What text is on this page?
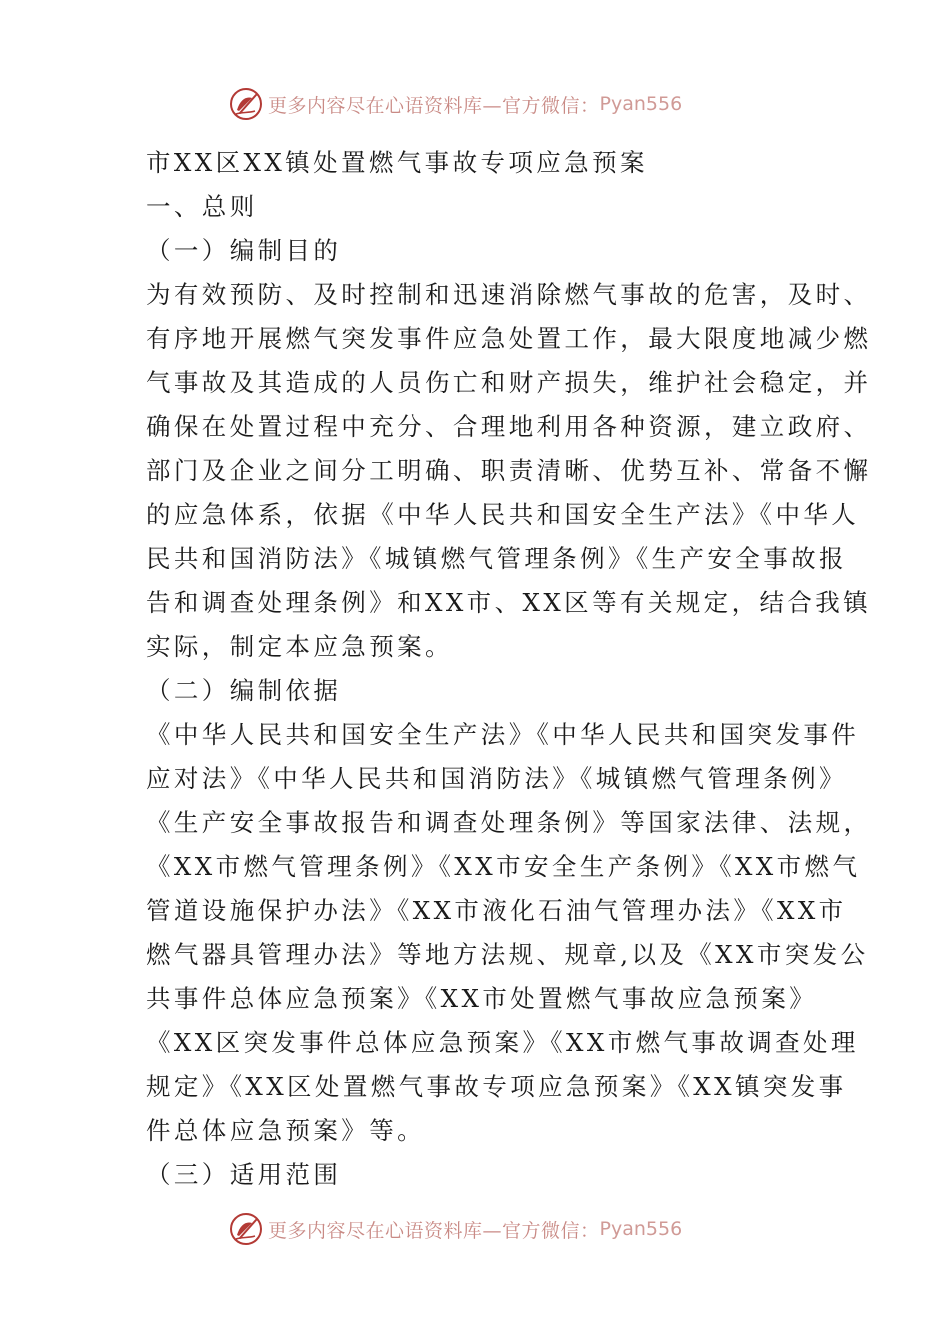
更多内容尽在心语资料库—官方微信： Pyan556
市XX区XX镇处置燃气事故专项应急预案
一、总则
（一）编制目的
为有效预防、及时控制和迅速消除燃气事故的危害，及时、
有序地开展燃气突发事件应急处置工作，最大限度地减少燃
气事故及其造成的人员伤亡和财产损失，维护社会稳定，并
确保在处置过程中充分、合理地利用各种资源，建立政府、
部门及企业之间分工明确、职责清晰、优势互补、常备不懈
的应急体系，依据《中华人民共和国安全生产法》《中华人
民共和国消防法》《城镇燃气管理条例》《生产安全事故报
告和调查处理条例》和XX市、XX区等有关规定，结合我镇
实际，制定本应急预案。
（二）编制依据
《中华人民共和国安全生产法》《中华人民共和国突发事件
应对法》《中华人民共和国消防法》《城镇燃气管理条例》
《生产安全事故报告和调查处理条例》等国家法律、法规，
《XX市燃气管理条例》《XX市安全生产条例》《XX市燃气
管道设施保护办法》《XX市液化石油气管理办法》《XX市
燃气器具管理办法》等地方法规、规章,以及《XX市突发公
共事件总体应急预案》《XX市处置燃气事故应急预案》
《XX区突发事件总体应急预案》《XX市燃气事故调查处理
规定》《XX区处置燃气事故专项应急预案》《XX镇突发事
件总体应急预案》等。
（三）适用范围
更多内容尽在心语资料库—官方微信： Pyan556
